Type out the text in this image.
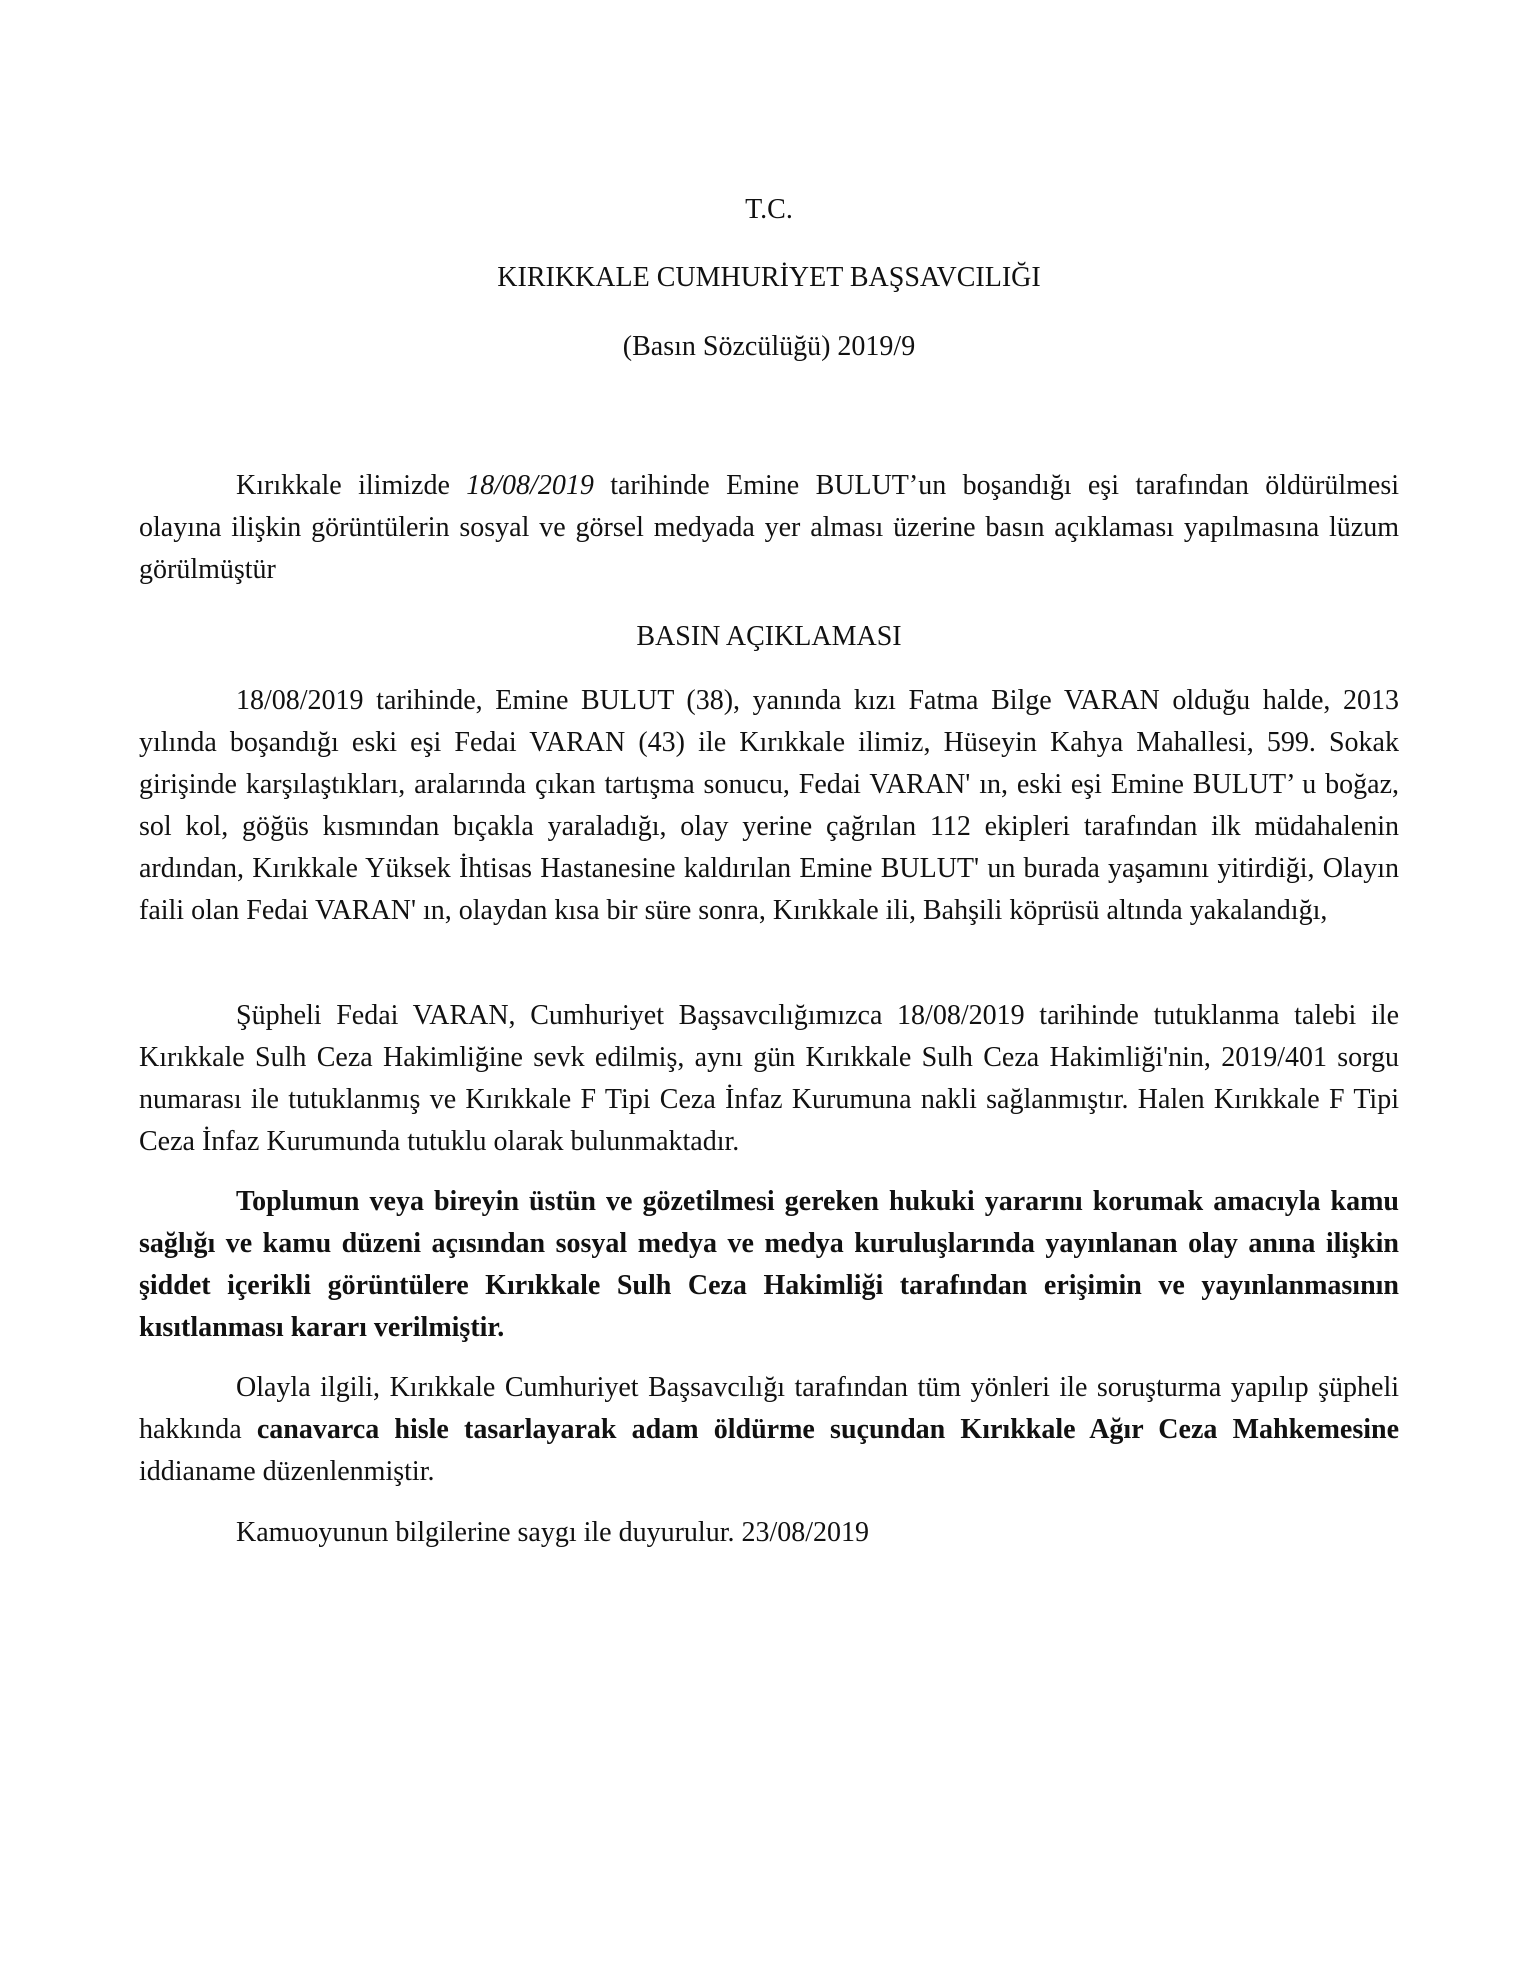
T.C.
KIRIKKALE CUMHURİYET BAŞSAVCILIĞI
(Basın Sözcülüğü) 2019/9
Kırıkkale ilimizde 18/08/2019 tarihinde Emine BULUT’un boşandığı eşi tarafından öldürülmesi olayına ilişkin görüntülerin sosyal ve görsel medyada yer alması üzerine basın açıklaması yapılmasına lüzum görülmüştür
BASIN AÇIKLAMASI
18/08/2019 tarihinde, Emine BULUT (38), yanında kızı Fatma Bilge VARAN olduğu halde, 2013 yılında boşandığı eski eşi Fedai VARAN (43) ile Kırıkkale ilimiz, Hüseyin Kahya Mahallesi, 599. Sokak girişinde karşılaştıkları, aralarında çıkan tartışma sonucu, Fedai VARAN' ın, eski eşi Emine BULUT’ u boğaz, sol kol, göğüs kısmından bıçakla yaraladığı, olay yerine çağrılan 112 ekipleri tarafından ilk müdahalenin ardından, Kırıkkale Yüksek İhtisas Hastanesine kaldırılan Emine BULUT' un burada yaşamını yitirdiği, Olayın faili olan Fedai VARAN' ın, olaydan kısa bir süre sonra, Kırıkkale ili, Bahşili köprüsü altında yakalandığı,
Şüpheli Fedai VARAN, Cumhuriyet Başsavcılığımızca 18/08/2019 tarihinde tutuklanma talebi ile Kırıkkale Sulh Ceza Hakimliğine sevk edilmiş, aynı gün Kırıkkale Sulh Ceza Hakimliği'nin, 2019/401 sorgu numarası ile tutuklanmış ve Kırıkkale F Tipi Ceza İnfaz Kurumuna nakli sağlanmıştır. Halen Kırıkkale F Tipi Ceza İnfaz Kurumunda tutuklu olarak bulunmaktadır.
Toplumun veya bireyin üstün ve gözetilmesi gereken hukuki yararını korumak amacıyla kamu sağlığı ve kamu düzeni açısından sosyal medya ve medya kuruluşlarında yayınlanan olay anına ilişkin şiddet içerikli görüntülere Kırıkkale Sulh Ceza Hakimliği tarafından erişimin ve yayınlanmasının kısıtlanması kararı verilmiştir.
Olayla ilgili, Kırıkkale Cumhuriyet Başsavcılığı tarafından tüm yönleri ile soruşturma yapılıp şüpheli hakkında canavarca hisle tasarlayarak adam öldürme suçundan Kırıkkale Ağır Ceza Mahkemesine iddianame düzenlenmiştir.
Kamuoyunun bilgilerine saygı ile duyurulur. 23/08/2019
